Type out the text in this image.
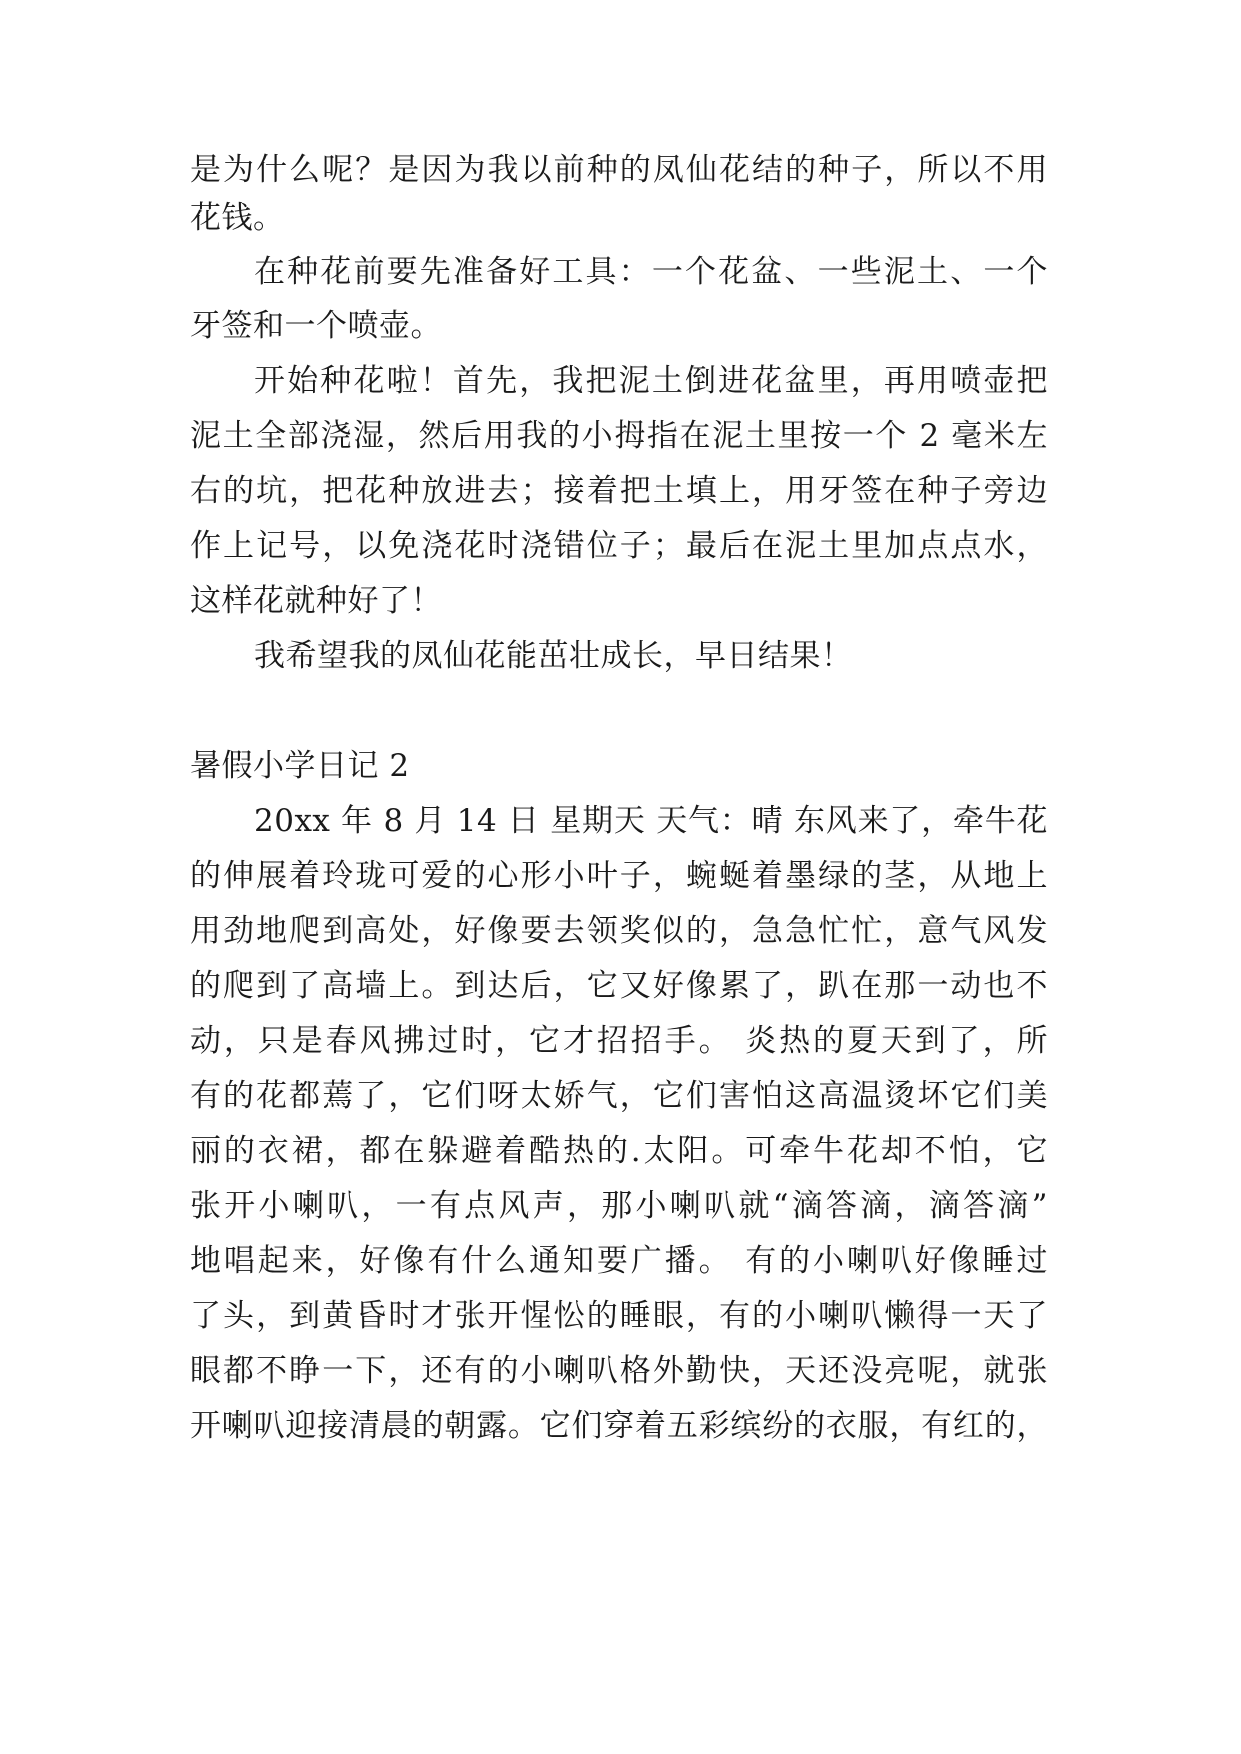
是为什么呢？是因为我以前种的凤仙花结的种子，所以不用
花钱。
在种花前要先准备好工具：一个花盆、一些泥土、一个
牙签和一个喷壶。
开始种花啦！首先，我把泥土倒进花盆里，再用喷壶把
泥土全部浇湿，然后用我的小拇指在泥土里按一个 2 毫米左
右的坑，把花种放进去；接着把土填上，用牙签在种子旁边
作上记号，以免浇花时浇错位子；最后在泥土里加点点水，
这样花就种好了！
我希望我的凤仙花能茁壮成长，早日结果！
暑假小学日记 2
20xx 年 8 月 14 日 星期天 天气：晴 东风来了，牵牛花
的伸展着玲珑可爱的心形小叶子，蜿蜒着墨绿的茎，从地上
用劲地爬到高处，好像要去领奖似的，急急忙忙，意气风发
的爬到了高墙上。到达后，它又好像累了，趴在那一动也不
动，只是春风拂过时，它才招招手。 炎热的夏天到了，所
有的花都蔫了，它们呀太娇气，它们害怕这高温烫坏它们美
丽的衣裙，都在躲避着酷热的.太阳。可牵牛花却不怕，它
张开小喇叭，一有点风声，那小喇叭就“滴答滴，滴答滴”
地唱起来，好像有什么通知要广播。 有的小喇叭好像睡过
了头，到黄昏时才张开惺忪的睡眼，有的小喇叭懒得一天了
眼都不睁一下，还有的小喇叭格外勤快，天还没亮呢，就张
开喇叭迎接清晨的朝露。它们穿着五彩缤纷的衣服，有红的，
